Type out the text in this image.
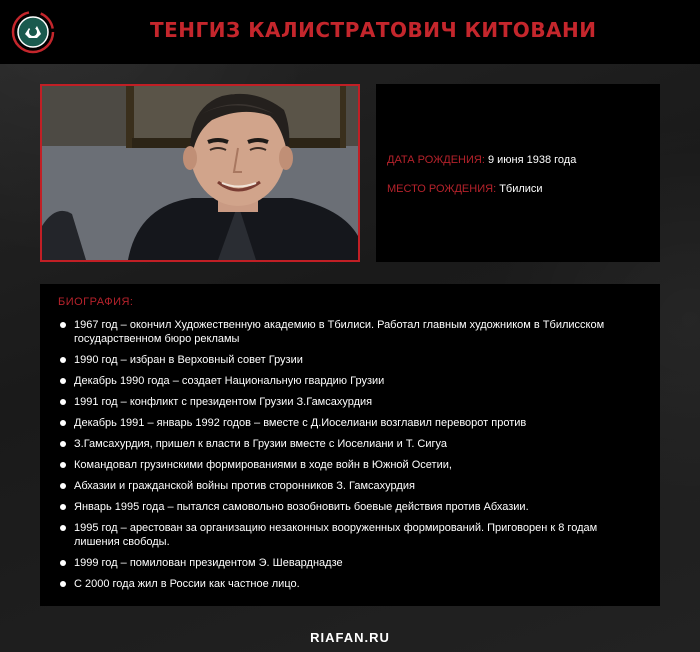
ТЕНГИЗ КАЛИСТРАТОВИЧ КИТОВАНИ
ДАТА РОЖДЕНИЯ: 9 июня 1938 года
МЕСТО РОЖДЕНИЯ: Тбилиси
БИОГРАФИЯ:
1967 год – окончил Художественную академию в Тбилиси. Работал главным художником в Тбилисском государственном бюро рекламы
1990 год – избран в Верховный совет Грузии
Декабрь 1990 года – создает Национальную гвардию Грузии
1991 год – конфликт с президентом Грузии З.Гамсахурдия
Декабрь 1991 – январь 1992 годов – вместе с Д.Иоселиани возглавил переворот против
З.Гамсахурдия, пришел к власти в Грузии вместе с Иоселиани и Т. Сигуа
Командовал грузинскими формированиями в ходе войн в Южной Осетии,
Абхазии и гражданской войны против сторонников З. Гамсахурдия
Январь 1995 года – пытался самовольно возобновить боевые действия против Абхазии.
1995 год – арестован за организацию незаконных вооруженных формирований. Приговорен к 8 годам лишения свободы.
1999 год – помилован президентом Э. Шеварднадзе
С 2000 года жил в России как частное лицо.
RIAFAN.RU
